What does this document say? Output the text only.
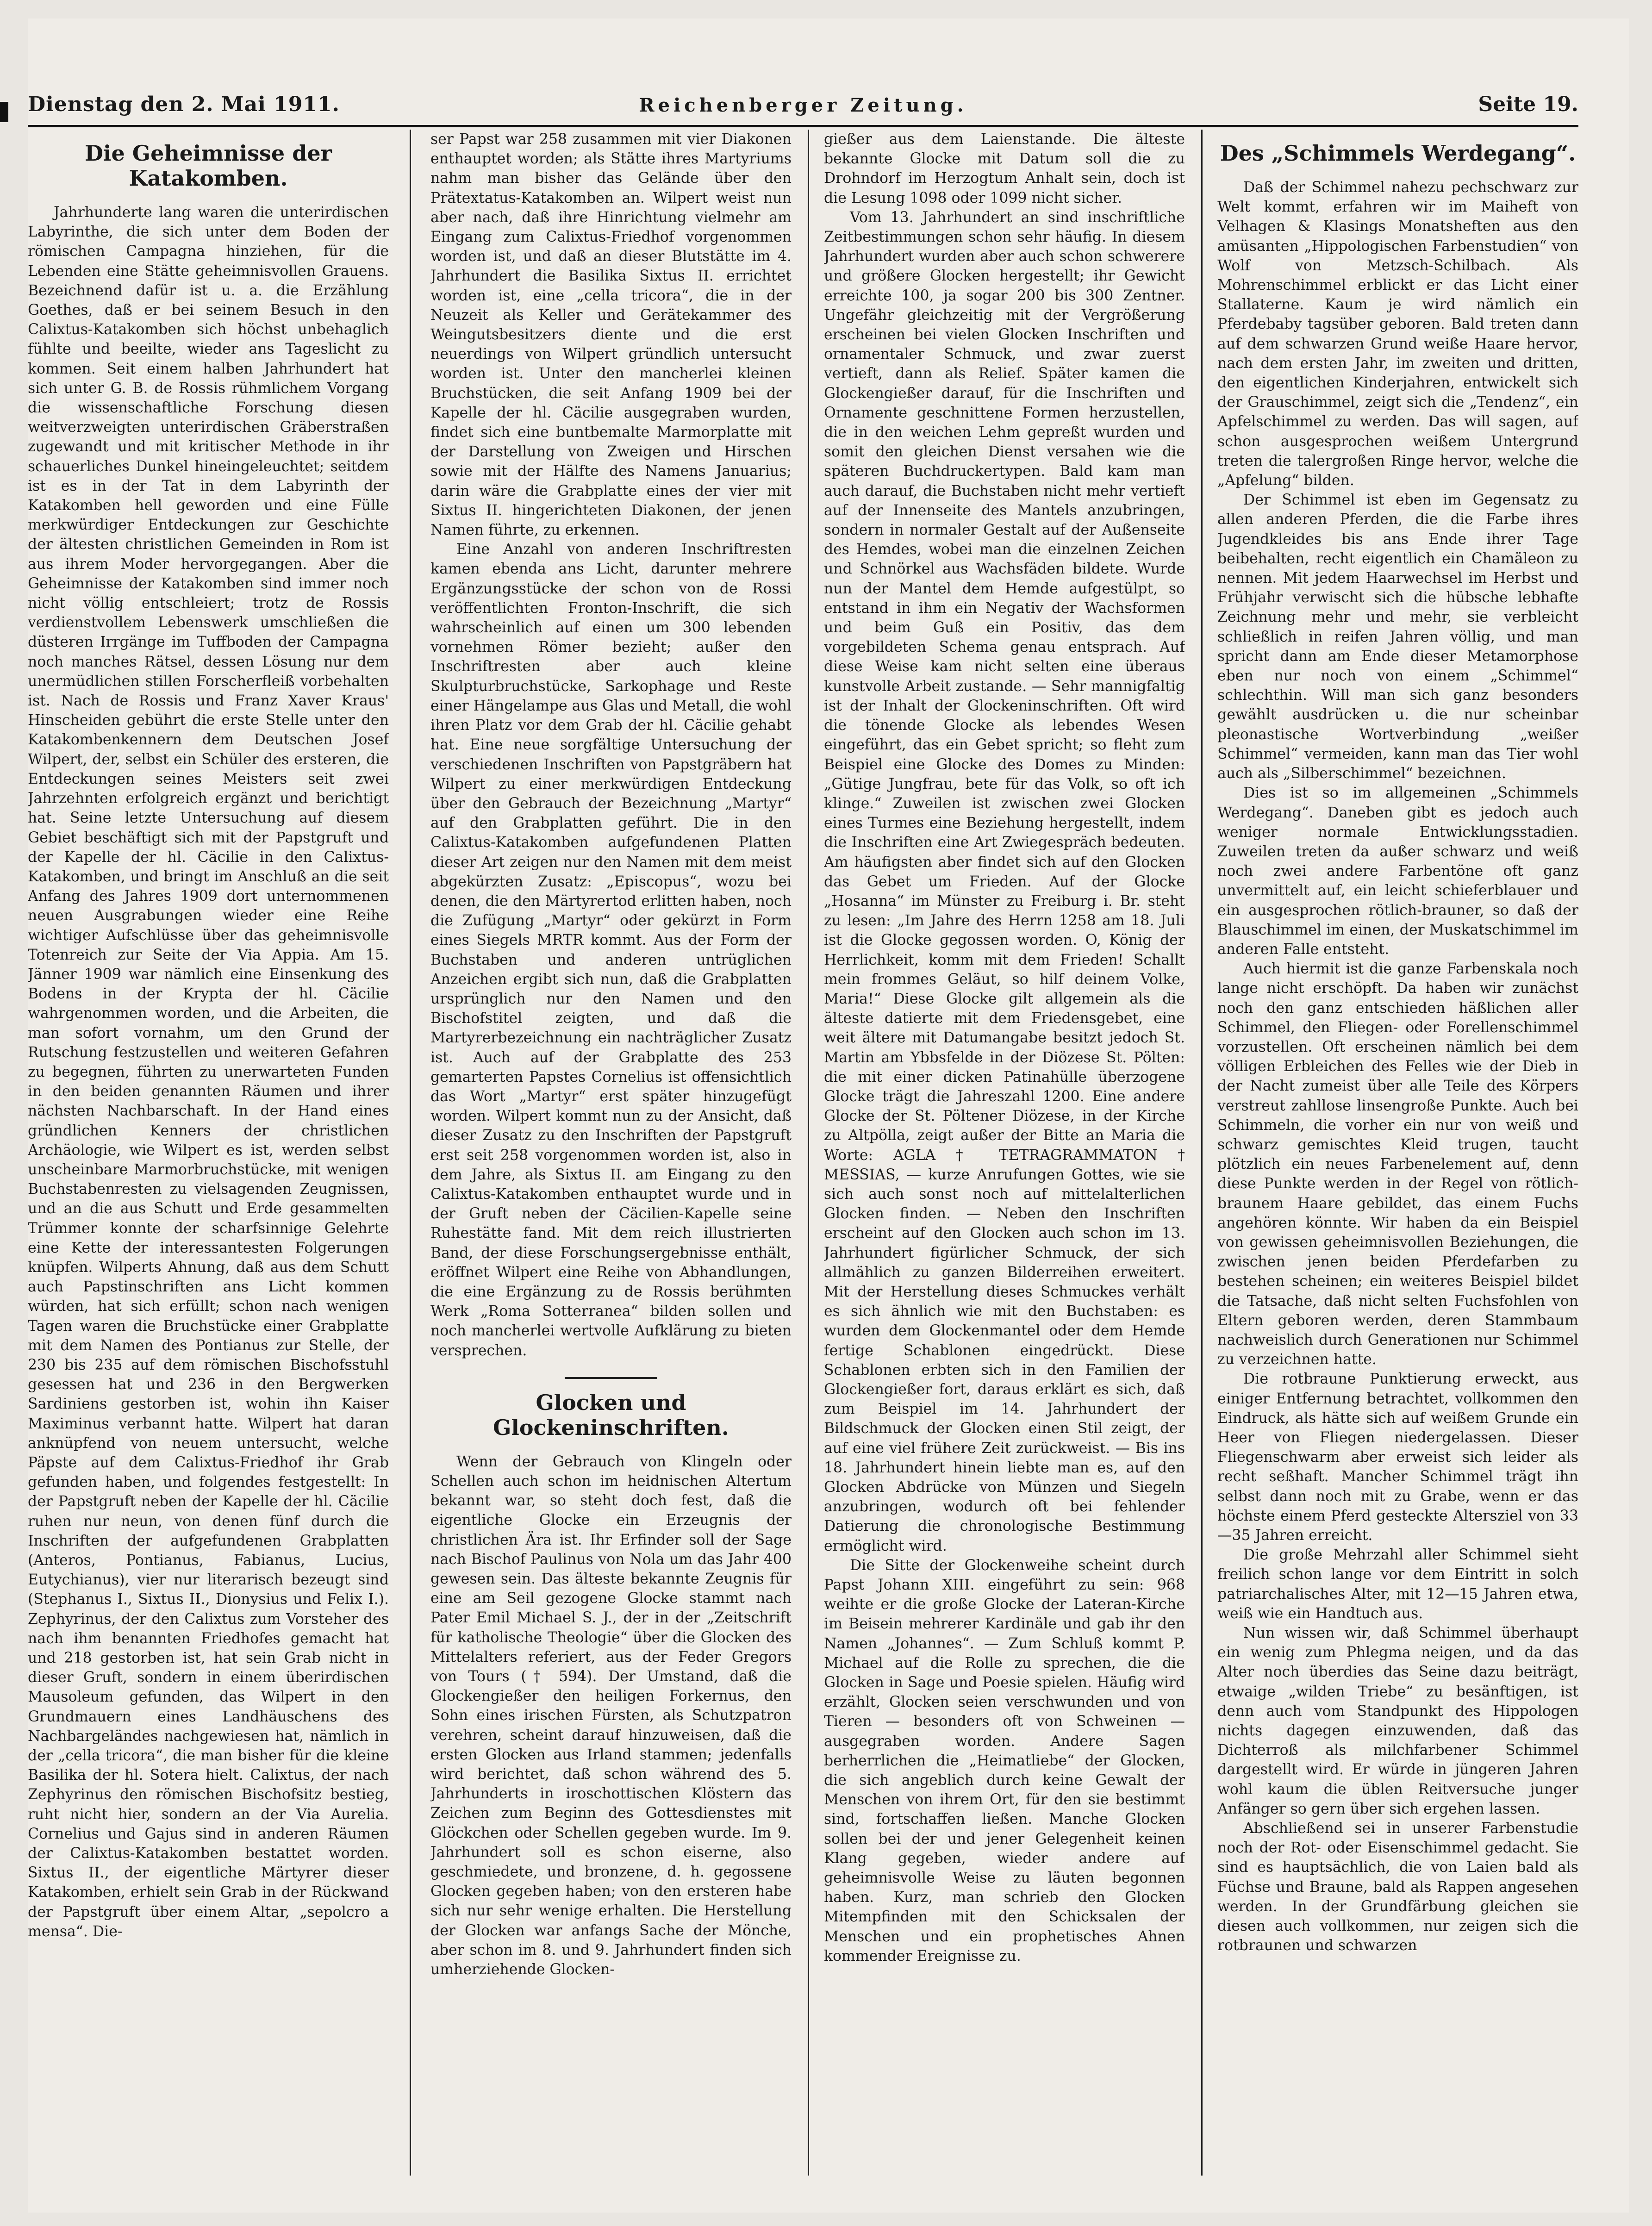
Dienstag den 2. Mai 1911.	Reichenberger Zeitung.	Seite 19.
Die Geheimnisse der Katakomben.

Jahrhunderte lang waren die unterirdischen Labyrinthe, die sich unter dem Boden der römischen Campagna hinziehen, für die Lebenden eine Stätte geheimnisvollen Grauens. Bezeichnend dafür ist u. a. die Erzählung Goethes, daß er bei seinem Besuch in den Calixtus-Katakomben sich höchst unbehaglich fühlte und beeilte, wieder ans Tageslicht zu kommen. Seit einem halben Jahrhundert hat sich unter G. B. de Rossis rühmlichem Vorgang die wissenschaftliche Forschung diesen weitverzweigten unterirdischen Gräberstraßen zugewandt und mit kritischer Methode in ihr schauerliches Dunkel hineingeleuchtet; seitdem ist es in der Tat in dem Labyrinth der Katakomben hell geworden und eine Fülle merkwürdiger Entdeckungen zur Geschichte der ältesten christlichen Gemeinden in Rom ist aus ihrem Moder hervorgegangen. Aber die Geheimnisse der Katakomben sind immer noch nicht völlig entschleiert; trotz de Rossis verdienstvollem Lebenswerk umschließen die düsteren Irrgänge im Tuffboden der Campagna noch manches Rätsel, dessen Lösung nur dem unermüdlichen stillen Forscherfleiß vorbehalten ist. Nach de Rossis und Franz Xaver Kraus' Hinscheiden gebührt die erste Stelle unter den Katakombenkennern dem Deutschen Josef Wilpert, der, selbst ein Schüler des ersteren, die Entdeckungen seines Meisters seit zwei Jahrzehnten erfolgreich ergänzt und berichtigt hat. Seine letzte Untersuchung auf diesem Gebiet beschäftigt sich mit der Papstgruft und der Kapelle der hl. Cäcilie in den Calixtus-Katakomben, und bringt im Anschluß an die seit Anfang des Jahres 1909 dort unternommenen neuen Ausgrabungen wieder eine Reihe wichtiger Aufschlüsse über das geheimnisvolle Totenreich zur Seite der Via Appia. Am 15. Jänner 1909 war nämlich eine Einsenkung des Bodens in der Krypta der hl. Cäcilie wahrgenommen worden, und die Arbeiten, die man sofort vornahm, um den Grund der Rutschung festzustellen und weiteren Gefahren zu begegnen, führten zu unerwarteten Funden in den beiden genannten Räumen und ihrer nächsten Nachbarschaft. In der Hand eines gründlichen Kenners der christlichen Archäologie, wie Wilpert es ist, werden selbst unscheinbare Marmorbruchstücke, mit wenigen Buchstabenresten zu vielsagenden Zeugnissen, und an die aus Schutt und Erde gesammelten Trümmer konnte der scharfsinnige Gelehrte eine Kette der interessantesten Folgerungen knüpfen. Wilperts Ahnung, daß aus dem Schutt auch Papstinschriften ans Licht kommen würden, hat sich erfüllt; schon nach wenigen Tagen waren die Bruchstücke einer Grabplatte mit dem Namen des Pontianus zur Stelle, der 230 bis 235 auf dem römischen Bischofsstuhl gesessen hat und 236 in den Bergwerken Sardiniens gestorben ist, wohin ihn Kaiser Maximinus verbannt hatte. Wilpert hat daran anknüpfend von neuem untersucht, welche Päpste auf dem Calixtus-Friedhof ihr Grab gefunden haben, und folgendes festgestellt: In der Papstgruft neben der Kapelle der hl. Cäcilie ruhen nur neun, von denen fünf durch die Inschriften der aufgefundenen Grabplatten (Anteros, Pontianus, Fabianus, Lucius, Eutychianus), vier nur literarisch bezeugt sind (Stephanus I., Sixtus II., Dionysius und Felix I.). Zephyrinus, der den Calixtus zum Vorsteher des nach ihm benannten Friedhofes gemacht hat und 218 gestorben ist, hat sein Grab nicht in dieser Gruft, sondern in einem überirdischen Mausoleum gefunden, das Wilpert in den Grundmauern eines Landhäuschens des Nachbargeländes nachgewiesen hat, nämlich in der „cella tricora“, die man bisher für die kleine Basilika der hl. Sotera hielt. Calixtus, der nach Zephyrinus den römischen Bischofsitz bestieg, ruht nicht hier, sondern an der Via Aurelia. Cornelius und Gajus sind in anderen Räumen der Calixtus-Katakomben bestattet worden. Sixtus II., der eigentliche Märtyrer dieser Katakomben, erhielt sein Grab in der Rückwand der Papstgruft über einem Altar, „sepolcro a mensa“. Die-

ser Papst war 258 zusammen mit vier Diakonen enthauptet worden; als Stätte ihres Martyriums nahm man bisher das Gelände über den Prätextatus-Katakomben an. Wilpert weist nun aber nach, daß ihre Hinrichtung vielmehr am Eingang zum Calixtus-Friedhof vorgenommen worden ist, und daß an dieser Blutstätte im 4. Jahrhundert die Basilika Sixtus II. errichtet worden ist, eine „cella tricora“, die in der Neuzeit als Keller und Gerätekammer des Weingutsbesitzers diente und die erst neuerdings von Wilpert gründlich untersucht worden ist. Unter den mancherlei kleinen Bruchstücken, die seit Anfang 1909 bei der Kapelle der hl. Cäcilie ausgegraben wurden, findet sich eine buntbemalte Marmorplatte mit der Darstellung von Zweigen und Hirschen sowie mit der Hälfte des Namens Januarius; darin wäre die Grabplatte eines der vier mit Sixtus II. hingerichteten Diakonen, der jenen Namen führte, zu erkennen.

Eine Anzahl von anderen Inschriftresten kamen ebenda ans Licht, darunter mehrere Ergänzungsstücke der schon von de Rossi veröffentlichten Fronton-Inschrift, die sich wahrscheinlich auf einen um 300 lebenden vornehmen Römer bezieht; außer den Inschriftresten aber auch kleine Skulpturbruchstücke, Sarkophage und Reste einer Hängelampe aus Glas und Metall, die wohl ihren Platz vor dem Grab der hl. Cäcilie gehabt hat. Eine neue sorgfältige Untersuchung der verschiedenen Inschriften von Papstgräbern hat Wilpert zu einer merkwürdigen Entdeckung über den Gebrauch der Bezeichnung „Martyr“ auf den Grabplatten geführt. Die in den Calixtus-Katakomben aufgefundenen Platten dieser Art zeigen nur den Namen mit dem meist abgekürzten Zusatz: „Episcopus“, wozu bei denen, die den Märtyrertod erlitten haben, noch die Zufügung „Martyr“ oder gekürzt in Form eines Siegels MRTR kommt. Aus der Form der Buchstaben und anderen untrüglichen Anzeichen ergibt sich nun, daß die Grabplatten ursprünglich nur den Namen und den Bischofstitel zeigten, und daß die Martyrerbezeichnung ein nachträglicher Zusatz ist. Auch auf der Grabplatte des 253 gemarterten Papstes Cornelius ist offensichtlich das Wort „Martyr“ erst später hinzugefügt worden. Wilpert kommt nun zu der Ansicht, daß dieser Zusatz zu den Inschriften der Papstgruft erst seit 258 vorgenommen worden ist, also in dem Jahre, als Sixtus II. am Eingang zu den Calixtus-Katakomben enthauptet wurde und in der Gruft neben der Cäcilien-Kapelle seine Ruhestätte fand. Mit dem reich illustrierten Band, der diese Forschungsergebnisse enthält, eröffnet Wilpert eine Reihe von Abhandlungen, die eine Ergänzung zu de Rossis berühmten Werk „Roma Sotterranea“ bilden sollen und noch mancherlei wertvolle Aufklärung zu bieten versprechen.

Glocken und Glockeninschriften.

Wenn der Gebrauch von Klingeln oder Schellen auch schon im heidnischen Altertum bekannt war, so steht doch fest, daß die eigentliche Glocke ein Erzeugnis der christlichen Ära ist. Ihr Erfinder soll der Sage nach Bischof Paulinus von Nola um das Jahr 400 gewesen sein. Das älteste bekannte Zeugnis für eine am Seil gezogene Glocke stammt nach Pater Emil Michael S. J., der in der „Zeitschrift für katholische Theologie“ über die Glocken des Mittelalters referiert, aus der Feder Gregors von Tours († 594). Der Umstand, daß die Glockengießer den heiligen Forkernus, den Sohn eines irischen Fürsten, als Schutzpatron verehren, scheint darauf hinzuweisen, daß die ersten Glocken aus Irland stammen; jedenfalls wird berichtet, daß schon während des 5. Jahrhunderts in iroschottischen Klöstern das Zeichen zum Beginn des Gottesdienstes mit Glöckchen oder Schellen gegeben wurde. Im 9. Jahrhundert soll es schon eiserne, also geschmiedete, und bronzene, d. h. gegossene Glocken gegeben haben; von den ersteren habe sich nur sehr wenige erhalten. Die Herstellung der Glocken war anfangs Sache der Mönche, aber schon im 8. und 9. Jahrhundert finden sich umherziehende Glocken-

gießer aus dem Laienstande. Die älteste bekannte Glocke mit Datum soll die zu Drohndorf im Herzogtum Anhalt sein, doch ist die Lesung 1098 oder 1099 nicht sicher.

Vom 13. Jahrhundert an sind inschriftliche Zeitbestimmungen schon sehr häufig. In diesem Jahrhundert wurden aber auch schon schwerere und größere Glocken hergestellt; ihr Gewicht erreichte 100, ja sogar 200 bis 300 Zentner. Ungefähr gleichzeitig mit der Vergrößerung erscheinen bei vielen Glocken Inschriften und ornamentaler Schmuck, und zwar zuerst vertieft, dann als Relief. Später kamen die Glockengießer darauf, für die Inschriften und Ornamente geschnittene Formen herzustellen, die in den weichen Lehm gepreßt wurden und somit den gleichen Dienst versahen wie die späteren Buchdruckertypen. Bald kam man auch darauf, die Buchstaben nicht mehr vertieft auf der Innenseite des Mantels anzubringen, sondern in normaler Gestalt auf der Außenseite des Hemdes, wobei man die einzelnen Zeichen und Schnörkel aus Wachsfäden bildete. Wurde nun der Mantel dem Hemde aufgestülpt, so entstand in ihm ein Negativ der Wachsformen und beim Guß ein Positiv, das dem vorgebildeten Schema genau entsprach. Auf diese Weise kam nicht selten eine überaus kunstvolle Arbeit zustande. — Sehr mannigfaltig ist der Inhalt der Glockeninschriften. Oft wird die tönende Glocke als lebendes Wesen eingeführt, das ein Gebet spricht; so fleht zum Beispiel eine Glocke des Domes zu Minden: „Gütige Jungfrau, bete für das Volk, so oft ich klinge.“ Zuweilen ist zwischen zwei Glocken eines Turmes eine Beziehung hergestellt, indem die Inschriften eine Art Zwiegespräch bedeuten. Am häufigsten aber findet sich auf den Glocken das Gebet um Frieden. Auf der Glocke „Hosanna“ im Münster zu Freiburg i. Br. steht zu lesen: „Im Jahre des Herrn 1258 am 18. Juli ist die Glocke gegossen worden. O, König der Herrlichkeit, komm mit dem Frieden! Schallt mein frommes Geläut, so hilf deinem Volke, Maria!“ Diese Glocke gilt allgemein als die älteste datierte mit dem Friedensgebet, eine weit ältere mit Datumangabe besitzt jedoch St. Martin am Ybbsfelde in der Diözese St. Pölten: die mit einer dicken Patinahülle überzogene Glocke trägt die Jahreszahl 1200. Eine andere Glocke der St. Pöltener Diözese, in der Kirche zu Altpölla, zeigt außer der Bitte an Maria die Worte: AGLA † TETRAGRAMMATON † MESSIAS, — kurze Anrufungen Gottes, wie sie sich auch sonst noch auf mittelalterlichen Glocken finden. — Neben den Inschriften erscheint auf den Glocken auch schon im 13. Jahrhundert figürlicher Schmuck, der sich allmählich zu ganzen Bilderreihen erweitert. Mit der Herstellung dieses Schmuckes verhält es sich ähnlich wie mit den Buchstaben: es wurden dem Glockenmantel oder dem Hemde fertige Schablonen eingedrückt. Diese Schablonen erbten sich in den Familien der Glockengießer fort, daraus erklärt es sich, daß zum Beispiel im 14. Jahrhundert der Bildschmuck der Glocken einen Stil zeigt, der auf eine viel frühere Zeit zurückweist. — Bis ins 18. Jahrhundert hinein liebte man es, auf den Glocken Abdrücke von Münzen und Siegeln anzubringen, wodurch oft bei fehlender Datierung die chronologische Bestimmung ermöglicht wird.

Die Sitte der Glockenweihe scheint durch Papst Johann XIII. eingeführt zu sein: 968 weihte er die große Glocke der Lateran-Kirche im Beisein mehrerer Kardinäle und gab ihr den Namen „Johannes“. — Zum Schluß kommt P. Michael auf die Rolle zu sprechen, die die Glocken in Sage und Poesie spielen. Häufig wird erzählt, Glocken seien verschwunden und von Tieren — besonders oft von Schweinen — ausgegraben worden. Andere Sagen berherrlichen die „Heimatliebe“ der Glocken, die sich angeblich durch keine Gewalt der Menschen von ihrem Ort, für den sie bestimmt sind, fortschaffen ließen. Manche Glocken sollen bei der und jener Gelegenheit keinen Klang gegeben, wieder andere auf geheimnisvolle Weise zu läuten begonnen haben. Kurz, man schrieb den Glocken Mitempfinden mit den Schicksalen der Menschen und ein prophetisches Ahnen kommender Ereignisse zu.

Des „Schimmels Werdegang“.

Daß der Schimmel nahezu pechschwarz zur Welt kommt, erfahren wir im Maiheft von Velhagen & Klasings Monatsheften aus den amüsanten „Hippologischen Farbenstudien“ von Wolf von Metzsch-Schilbach. Als Mohrenschimmel erblickt er das Licht einer Stallaterne. Kaum je wird nämlich ein Pferdebaby tagsüber geboren. Bald treten dann auf dem schwarzen Grund weiße Haare hervor, nach dem ersten Jahr, im zweiten und dritten, den eigentlichen Kinderjahren, entwickelt sich der Grauschimmel, zeigt sich die „Tendenz“, ein Apfelschimmel zu werden. Das will sagen, auf schon ausgesprochen weißem Untergrund treten die talergroßen Ringe hervor, welche die „Apfelung“ bilden.

Der Schimmel ist eben im Gegensatz zu allen anderen Pferden, die die Farbe ihres Jugendkleides bis ans Ende ihrer Tage beibehalten, recht eigentlich ein Chamäleon zu nennen. Mit jedem Haarwechsel im Herbst und Frühjahr verwischt sich die hübsche lebhafte Zeichnung mehr und mehr, sie verbleicht schließlich in reifen Jahren völlig, und man spricht dann am Ende dieser Metamorphose eben nur noch von einem „Schimmel“ schlechthin. Will man sich ganz besonders gewählt ausdrücken u. die nur scheinbar pleonastische Wortverbindung „weißer Schimmel“ vermeiden, kann man das Tier wohl auch als „Silberschimmel“ bezeichnen.

Dies ist so im allgemeinen „Schimmels Werdegang“. Daneben gibt es jedoch auch weniger normale Entwicklungsstadien. Zuweilen treten da außer schwarz und weiß noch zwei andere Farbentöne oft ganz unvermittelt auf, ein leicht schieferblauer und ein ausgesprochen rötlich-brauner, so daß der Blauschimmel im einen, der Muskatschimmel im anderen Falle entsteht.

Auch hiermit ist die ganze Farbenskala noch lange nicht erschöpft. Da haben wir zunächst noch den ganz entschieden häßlichen aller Schimmel, den Fliegen- oder Forellenschimmel vorzustellen. Oft erscheinen nämlich bei dem völligen Erbleichen des Felles wie der Dieb in der Nacht zumeist über alle Teile des Körpers verstreut zahllose linsengroße Punkte. Auch bei Schimmeln, die vorher ein nur von weiß und schwarz gemischtes Kleid trugen, taucht plötzlich ein neues Farbenelement auf, denn diese Punkte werden in der Regel von rötlich-braunem Haare gebildet, das einem Fuchs angehören könnte. Wir haben da ein Beispiel von gewissen geheimnisvollen Beziehungen, die zwischen jenen beiden Pferdefarben zu bestehen scheinen; ein weiteres Beispiel bildet die Tatsache, daß nicht selten Fuchsfohlen von Eltern geboren werden, deren Stammbaum nachweislich durch Generationen nur Schimmel zu verzeichnen hatte.

Die rotbraune Punktierung erweckt, aus einiger Entfernung betrachtet, vollkommen den Eindruck, als hätte sich auf weißem Grunde ein Heer von Fliegen niedergelassen. Dieser Fliegenschwarm aber erweist sich leider als recht seßhaft. Mancher Schimmel trägt ihn selbst dann noch mit zu Grabe, wenn er das höchste einem Pferd gesteckte Altersziel von 33—35 Jahren erreicht.

Die große Mehrzahl aller Schimmel sieht freilich schon lange vor dem Eintritt in solch patriarchalisches Alter, mit 12—15 Jahren etwa, weiß wie ein Handtuch aus.

Nun wissen wir, daß Schimmel überhaupt ein wenig zum Phlegma neigen, und da das Alter noch überdies das Seine dazu beiträgt, etwaige „wilden Triebe“ zu besänftigen, ist denn auch vom Standpunkt des Hippologen nichts dagegen einzuwenden, daß das Dichterroß als milchfarbener Schimmel dargestellt wird. Er würde in jüngeren Jahren wohl kaum die üblen Reitversuche junger Anfänger so gern über sich ergehen lassen.

Abschließend sei in unserer Farbenstudie noch der Rot- oder Eisenschimmel gedacht. Sie sind es hauptsächlich, die von Laien bald als Füchse und Braune, bald als Rappen angesehen werden. In der Grundfärbung gleichen sie diesen auch vollkommen, nur zeigen sich die rotbraunen und schwarzen
